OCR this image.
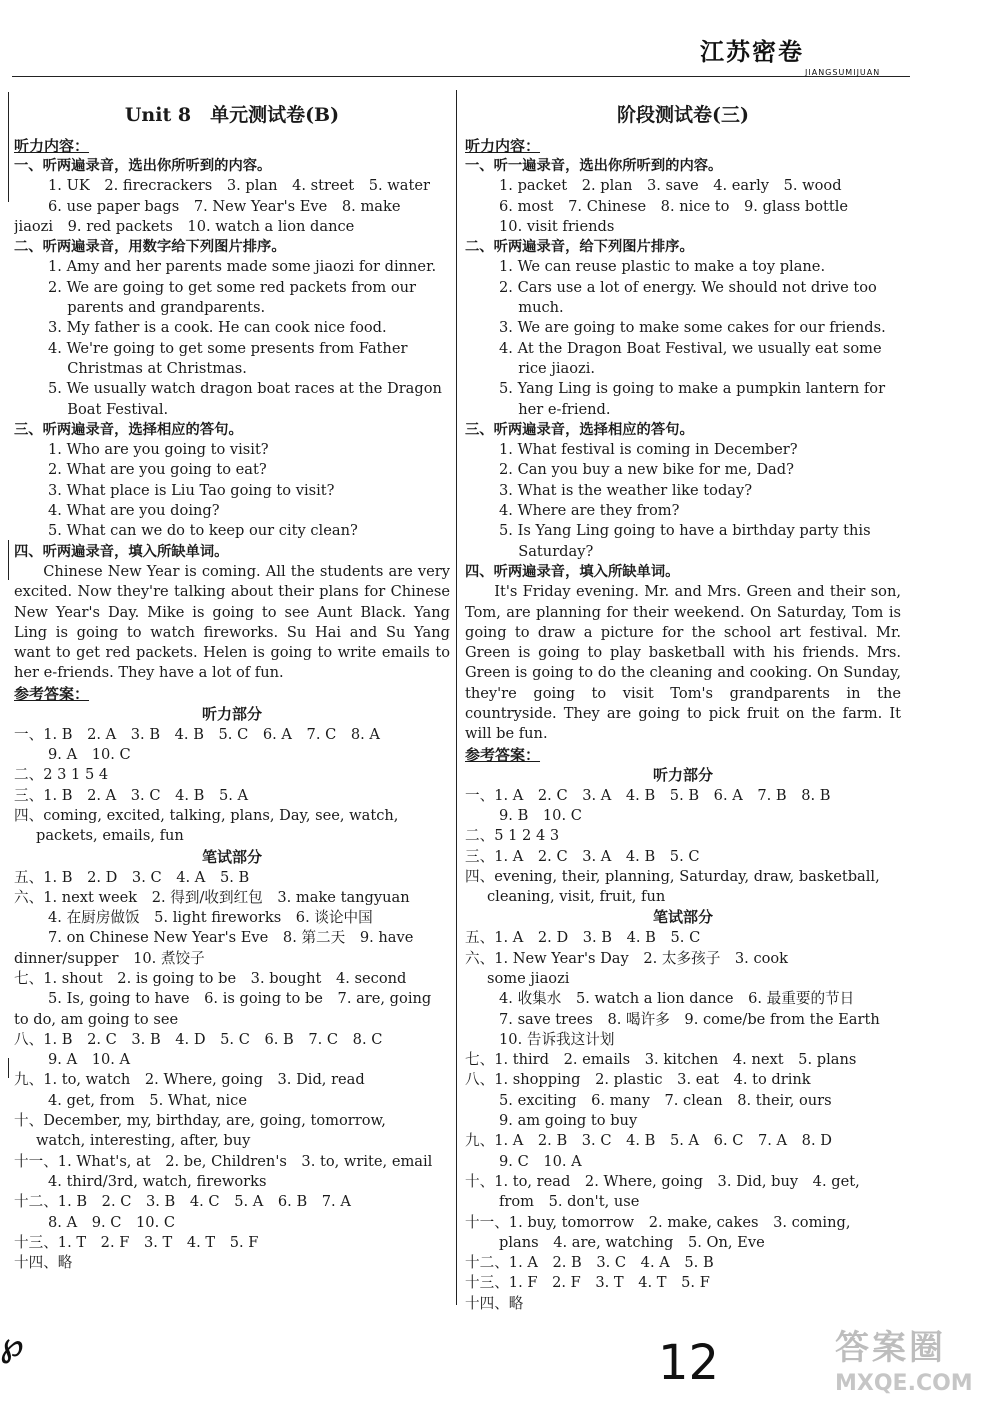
江苏密卷
JIANGSUMIJUAN
Unit 8　单元测试卷(B)
听力内容：
一、听两遍录音，选出你所听到的内容。
1. UK　2. firecrackers　3. plan　4. street　5. water
6. use paper bags　7. New Year's Eve　8. make
jiaozi　9. red packets　10. watch a lion dance
二、听两遍录音，用数字给下列图片排序。
1. Amy and her parents made some jiaozi for dinner.
2. We are going to get some red packets from our
　 parents and grandparents.
3. My father is a cook. He can cook nice food.
4. We're going to get some presents from Father
　 Christmas at Christmas.
5. We usually watch dragon boat races at the Dragon
　 Boat Festival.
三、听两遍录音，选择相应的答句。
1. Who are you going to visit?
2. What are you going to eat?
3. What place is Liu Tao going to visit?
4. What are you doing?
5. What can we do to keep our city clean?
四、听两遍录音，填入所缺单词。
Chinese New Year is coming. All the students are very excited. Now they're talking about their plans for Chinese New Year's Day. Mike is going to see Aunt Black. Yang Ling is going to watch fireworks. Su Hai and Su Yang want to get red packets. Helen is going to write emails to her e-friends. They have a lot of fun.
参考答案：
听力部分
一、1. B　2. A　3. B　4. B　5. C　6. A　7. C　8. A
9. A　10. C
二、2 3 1 5 4
三、1. B　2. A　3. C　4. B　5. A
四、coming, excited, talking, plans, Day, see, watch,
packets, emails, fun
笔试部分
五、1. B　2. D　3. C　4. A　5. B
六、1. next week　2. 得到/收到红包　3. make tangyuan
4. 在厨房做饭　5. light fireworks　6. 谈论中国
7. on Chinese New Year's Eve　8. 第二天　9. have
dinner/supper　10. 煮饺子
七、1. shout　2. is going to be　3. bought　4. second
5. Is, going to have　6. is going to be　7. are, going
to do, am going to see
八、1. B　2. C　3. B　4. D　5. C　6. B　7. C　8. C
9. A　10. A
九、1. to, watch　2. Where, going　3. Did, read
4. get, from　5. What, nice
十、December, my, birthday, are, going, tomorrow,
watch, interesting, after, buy
十一、1. What's, at　2. be, Children's　3. to, write, email
4. third/3rd, watch, fireworks
十二、1. B　2. C　3. B　4. C　5. A　6. B　7. A
8. A　9. C　10. C
十三、1. T　2. F　3. T　4. T　5. F
十四、略
阶段测试卷(三)
听力内容：
一、听一遍录音，选出你所听到的内容。
1. packet　2. plan　3. save　4. early　5. wood
6. most　7. Chinese　8. nice to　9. glass bottle
10. visit friends
二、听两遍录音，给下列图片排序。
1. We can reuse plastic to make a toy plane.
2. Cars use a lot of energy. We should not drive too
　 much.
3. We are going to make some cakes for our friends.
4. At the Dragon Boat Festival, we usually eat some
　 rice jiaozi.
5. Yang Ling is going to make a pumpkin lantern for
　 her e-friend.
三、听两遍录音，选择相应的答句。
1. What festival is coming in December?
2. Can you buy a new bike for me, Dad?
3. What is the weather like today?
4. Where are they from?
5. Is Yang Ling going to have a birthday party this
　 Saturday?
四、听两遍录音，填入所缺单词。
It's Friday evening. Mr. and Mrs. Green and their son, Tom, are planning for their weekend. On Saturday, Tom is going to draw a picture for the school art festival. Mr. Green is going to play basketball with his friends. Mrs. Green is going to do the cleaning and cooking. On Sunday, they're going to visit Tom's grandparents in the countryside. They are going to pick fruit on the farm. It will be fun.
参考答案：
听力部分
一、1. A　2. C　3. A　4. B　5. B　6. A　7. B　8. B
9. B　10. C
二、5 1 2 4 3
三、1. A　2. C　3. A　4. B　5. C
四、evening, their, planning, Saturday, draw, basketball,
cleaning, visit, fruit, fun
笔试部分
五、1. A　2. D　3. B　4. B　5. C
六、1. New Year's Day　2. 太多孩子　3. cook
some jiaozi
4. 收集水　5. watch a lion dance　6. 最重要的节日
7. save trees　8. 喝许多　9. come/be from the Earth
10. 告诉我这计划
七、1. third　2. emails　3. kitchen　4. next　5. plans
八、1. shopping　2. plastic　3. eat　4. to drink
5. exciting　6. many　7. clean　8. their, ours
9. am going to buy
九、1. A　2. B　3. C　4. B　5. A　6. C　7. A　8. D
9. C　10. A
十、1. to, read　2. Where, going　3. Did, buy　4. get,
from　5. don't, use
十一、1. buy, tomorrow　2. make, cakes　3. coming,
plans　4. are, watching　5. On, Eve
十二、1. A　2. B　3. C　4. A　5. B
十三、1. F　2. F　3. T　4. T　5. F
十四、略
℘	12	答案圈
MXQE.COM
